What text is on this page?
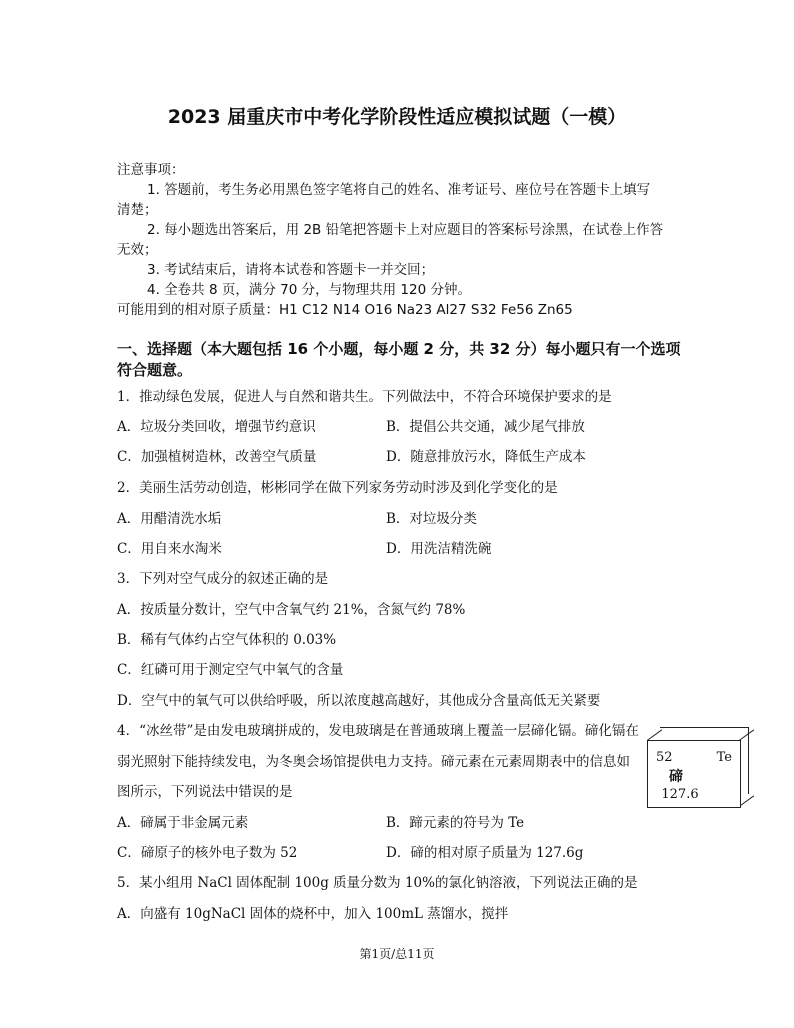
2023 届重庆市中考化学阶段性适应模拟试题（一模）
注意事项：
1. 答题前，考生务必用黑色签字笔将自己的姓名、准考证号、座位号在答题卡上填写
清楚；
2. 每小题选出答案后，用 2B 铅笔把答题卡上对应题目的答案标号涂黑，在试卷上作答
无效；
3. 考试结束后，请将本试卷和答题卡一并交回；
4. 全卷共 8 页，满分 70 分，与物理共用 120 分钟。
可能用到的相对原子质量：H1 C12 N14 O16 Na23 Al27 S32 Fe56 Zn65
一、选择题（本大题包括 16 个小题，每小题 2 分，共 32 分）每小题只有一个选项
符合题意。
1．推动绿色发展，促进人与自然和谐共生。下列做法中，不符合环境保护要求的是
A．垃圾分类回收，增强节约意识	B．提倡公共交通，减少尾气排放
C．加强植树造林，改善空气质量	D．随意排放污水，降低生产成本
2．美丽生活劳动创造，彬彬同学在做下列家务劳动时涉及到化学变化的是
A．用醋清洗水垢	B．对垃圾分类
C．用自来水淘米	D．用洗洁精洗碗
3．下列对空气成分的叙述正确的是
A．按质量分数计，空气中含氧气约 21%，含氮气约 78%
B．稀有气体约占空气体积的 0.03%
C．红磷可用于测定空气中氧气的含量
D．空气中的氧气可以供给呼吸，所以浓度越高越好，其他成分含量高低无关紧要
4．“冰丝带”是由发电玻璃拼成的，发电玻璃是在普通玻璃上覆盖一层碲化镉。碲化镉在
弱光照射下能持续发电，为冬奥会场馆提供电力支持。碲元素在元素周期表中的信息如
图所示，下列说法中错误的是
A．碲属于非金属元素	B．蹄元素的符号为 Te
C．碲原子的核外电子数为 52	D．碲的相对原子质量为 127.6g
52	Te
碲
127.6
5．某小组用 NaCl 固体配制 100g 质量分数为 10%的氯化钠溶液，下列说法正确的是
A．向盛有 10gNaCl 固体的烧杯中，加入 100mL 蒸馏水，搅拌
第1页/总11页
